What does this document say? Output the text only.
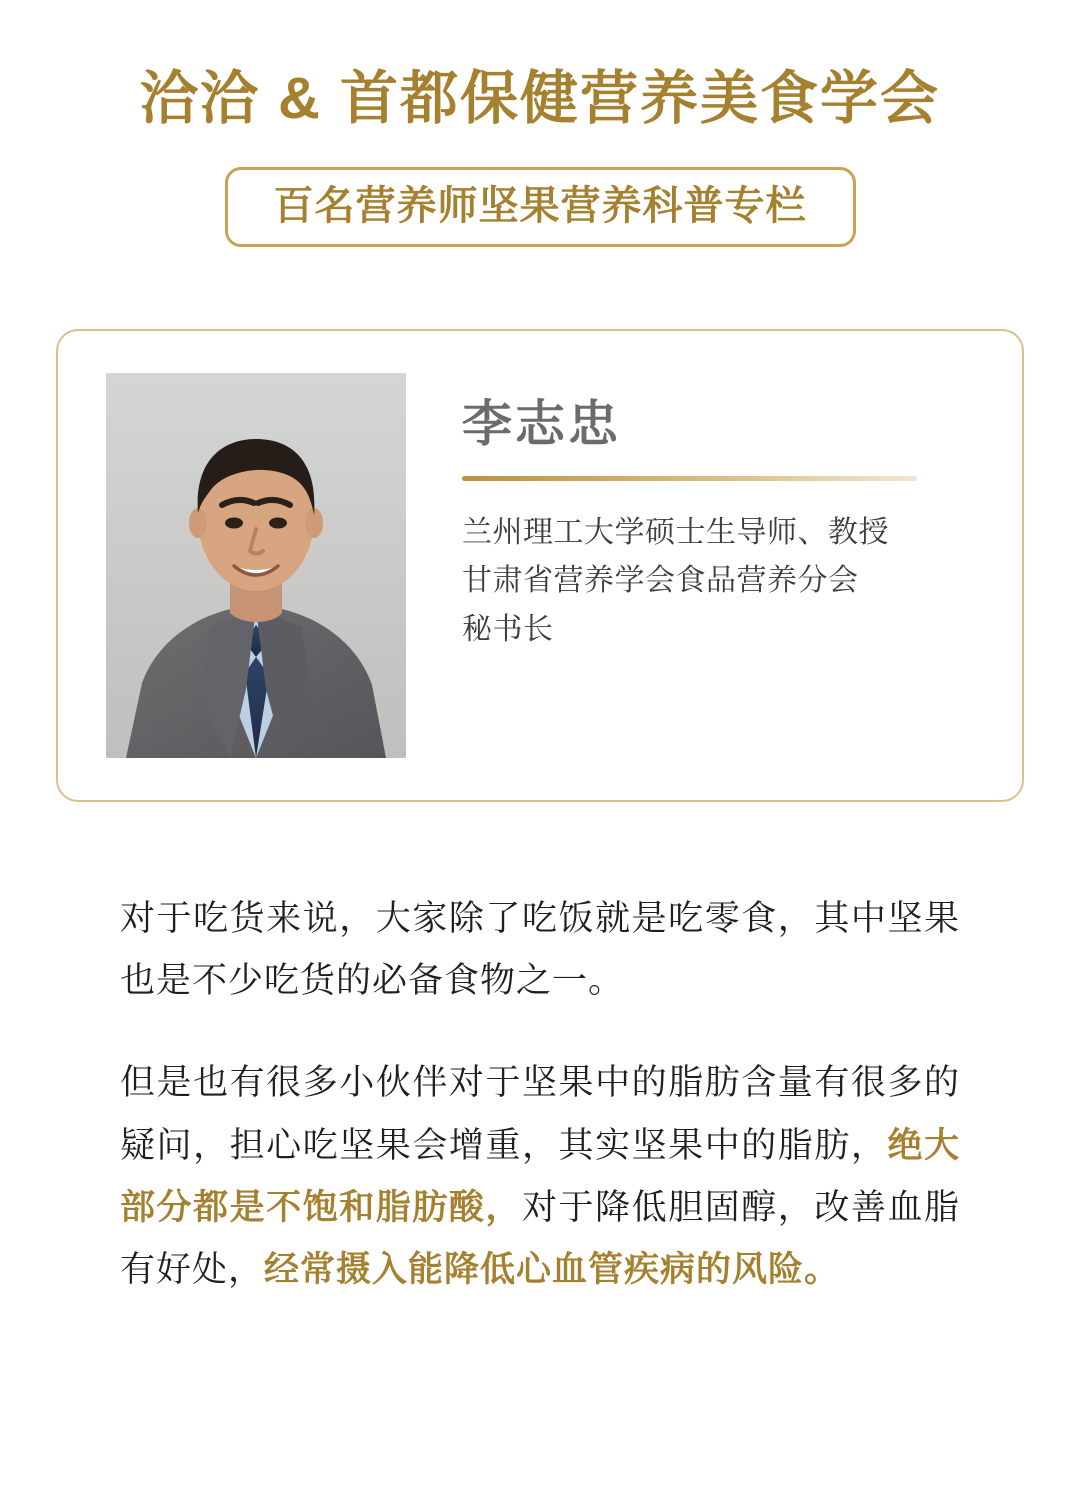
洽洽 & 首都保健营养美食学会
百名营养师坚果营养科普专栏
李志忠
兰州理工大学硕士生导师、教授
甘肃省营养学会食品营养分会
秘书长

对于吃货来说，大家除了吃饭就是吃零食，其中坚果也是不少吃货的必备食物之一。

但是也有很多小伙伴对于坚果中的脂肪含量有很多的疑问，担心吃坚果会增重，其实坚果中的脂肪，绝大部分都是不饱和脂肪酸，对于降低胆固醇，改善血脂有好处，经常摄入能降低心血管疾病的风险。
